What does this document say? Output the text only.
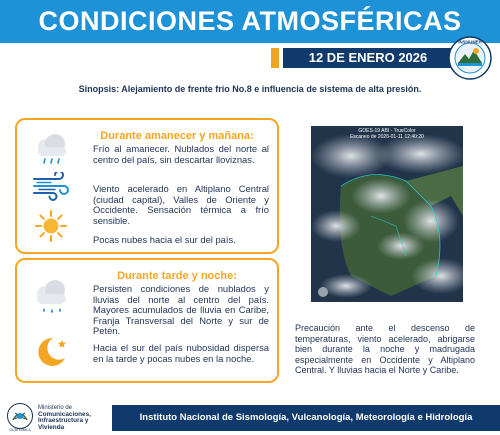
CONDICIONES ATMOSFÉRICAS
12 DE ENERO 2026
INSIVUMEH
Sinopsis: Alejamiento de frente frío No.8 e influencia de sistema de alta presión.
Durante amanecer y mañana:
Frío al amanecer. Nublados del norte al centro del país, sin descartar lloviznas.
Viento acelerado en Altiplano Central (ciudad capital), Valles de Oriente y Occidente. Sensación térmica a frío sensible.
Pocas nubes hacia el sur del país.
Durante tarde y noche:
Persisten condiciones de nublados y lluvias del norte al centro del país. Mayores acumulados de lluvia en Caribe, Franja Transversal del Norte y sur de Petén.
Hacia el sur del país nubosidad dispersa en la tarde y pocas nubes en la noche.
GOES-19 ABI - TrueColor
Escaneo de 2026-01-11 12:40:20
Precaución ante el descenso de temperaturas, viento acelerado, abrigarse bien durante la noche y madrugada especialmente en Occidente y Altiplano Central. Y lluvias hacia el Norte y Caribe.
GUATEMALA
Ministerio de
Comunicaciones,
Infraestructura y
Vivienda
Instituto Nacional de Sismología, Vulcanología, Meteorología e Hidrología
